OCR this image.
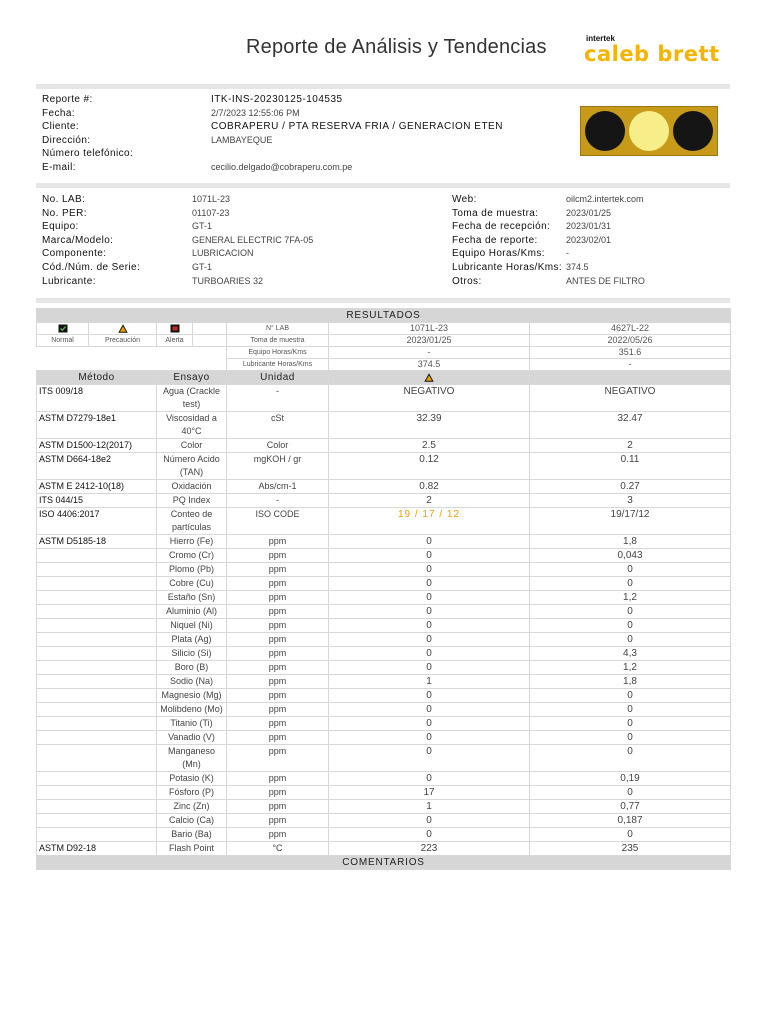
Reporte de Análisis y Tendencias	intertek
caleb brett
Reporte #:	ITK-INS-20230125-104535
Fecha:	2/7/2023 12:55:06 PM
Cliente:	COBRAPERU / PTA RESERVA FRIA / GENERACION ETEN
Dirección:	LAMBAYEQUE
Número telefónico:
E-mail:	cecilio.delgado@cobraperu.com.pe
No. LAB:	1071L-23
No. PER:	01107-23
Equipo:	GT-1
Marca/Modelo:	GENERAL ELECTRIC 7FA-05
Componente:	LUBRICACION
Cód./Núm. de Serie:	GT-1
Lubricante:	TURBOARIES 32
Web:	oilcm2.intertek.com
Toma de muestra:	2023/01/25
Fecha de recepción: 2023/01/31
Fecha de reporte:	2023/02/01
Equipo Horas/Kms: -
Lubricante Horas/Kms: 374.5
Otros:	ANTES DE FILTRO
RESULTADOS						
				N° LAB	1071L-23	4627L-22
Normal	Precaución	Alerta		Toma de muestra	2023/01/25	2022/05/26
				Equipo Horas/Kms	-	351.6
				Lubricante Horas/Kms	374.5	-
Método		Ensayo		Unidad		
ITS 009/18		Agua (Crackle test)		-	NEGATIVO	NEGATIVO
ASTM D7279-18e1		Viscosidad a 40°C		cSt	32.39	32.47
ASTM D1500-12(2017)		Color		Color	2.5	2
ASTM D664-18e2		Número Acido (TAN)		mgKOH / gr	0.12	0.11
ASTM E 2412-10(18)		Oxidación		Abs/cm-1	0.82	0.27
ITS 044/15		PQ Index		-	2	3
ISO 4406:2017		Conteo de partículas		ISO CODE	19 / 17 / 12	19/17/12
ASTM D5185-18		Hierro (Fe)		ppm	0	1,8
		Cromo (Cr)		ppm	0	0,043
		Plomo (Pb)		ppm	0	0
		Cobre (Cu)		ppm	0	0
		Estaño (Sn)		ppm	0	1,2
		Aluminio (Al)		ppm	0	0
		Niquel (Ni)		ppm	0	0
		Plata (Ag)		ppm	0	0
		Silicio (Si)		ppm	0	4,3
		Boro (B)		ppm	0	1,2
		Sodio (Na)		ppm	1	1,8
		Magnesio (Mg)		ppm	0	0
		Molibdeno (Mo)		ppm	0	0
		Titanio (Ti)		ppm	0	0
		Vanadio (V)		ppm	0	0
		Manganeso (Mn)		ppm	0	0
		Potasio (K)		ppm	0	0,19
		Fósforo (P)		ppm	17	0
		Zinc (Zn)		ppm	1	0,77
		Calcio (Ca)		ppm	0	0,187
		Bario (Ba)		ppm	0	0
ASTM D92-18		Flash Point		°C	223	235
COMENTARIOS						
